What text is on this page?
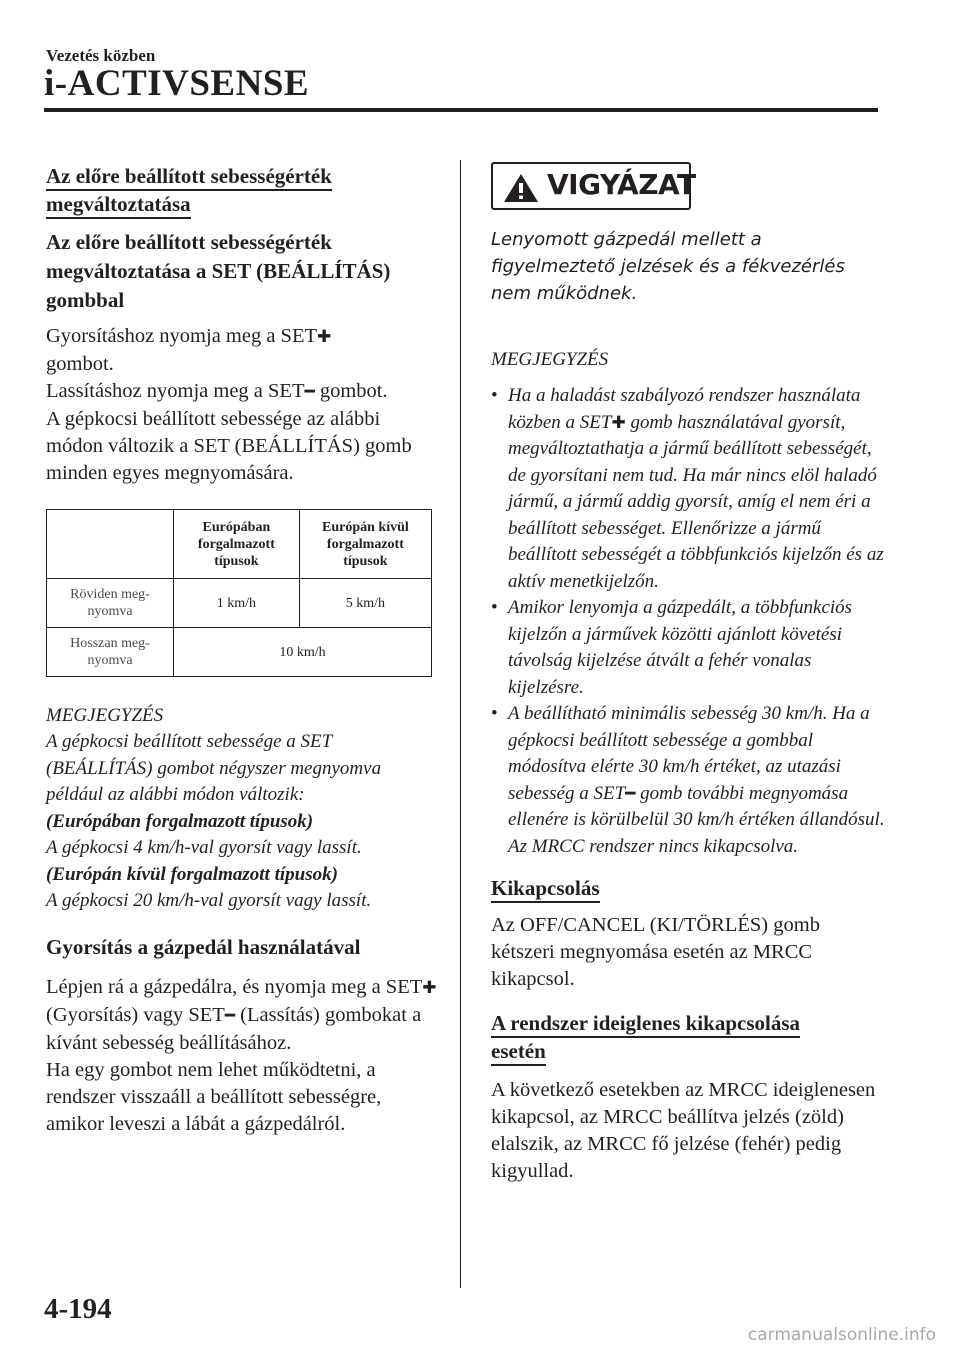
Vezetés közben
i-ACTIVSENSE
Az előre beállított sebességérték
megváltoztatása
Az előre beállított sebességérték megváltoztatása a SET (BEÁLLÍTÁS) gombbal
Gyorsításhoz nyomja meg a SET✚
gombot.
Lassításhoz nyomja meg a SET━ gombot.
A gépkocsi beállított sebessége az alábbi módon változik a SET (BEÁLLÍTÁS) gomb minden egyes megnyomására.
	Európában forgalmazott típusok	Európán kívül forgalmazott típusok
Röviden meg-nyomva	1 km/h	5 km/h
Hosszan meg-nyomva	10 km/h	
MEGJEGYZÉS
A gépkocsi beállított sebessége a SET (BEÁLLÍTÁS) gombot négyszer megnyomva például az alábbi módon változik:
(Európában forgalmazott típusok)
A gépkocsi 4 km/h-val gyorsít vagy lassít.
(Európán kívül forgalmazott típusok)
A gépkocsi 20 km/h-val gyorsít vagy lassít.
Gyorsítás a gázpedál használatával
Lépjen rá a gázpedálra, és nyomja meg a SET✚ (Gyorsítás) vagy SET━ (Lassítás) gombokat a kívánt sebesség beállításához.
Ha egy gombot nem lehet működtetni, a rendszer visszaáll a beállított sebességre, amikor leveszi a lábát a gázpedálról.
VIGYÁZAT
Lenyomott gázpedál mellett a figyelmeztető jelzések és a fékvezérlés nem működnek.
MEGJEGYZÉS
• Ha a haladást szabályozó rendszer használata közben a SET✚ gomb használatával gyorsít, megváltoztathatja a jármű beállított sebességét, de gyorsítani nem tud. Ha már nincs elöl haladó jármű, a jármű addig gyorsít, amíg el nem éri a beállított sebességet. Ellenőrizze a jármű beállított sebességét a többfunkciós kijelzőn és az aktív menetkijelzőn.
• Amikor lenyomja a gázpedált, a többfunkciós kijelzőn a járművek közötti ajánlott követési távolság kijelzése átvált a fehér vonalas kijelzésre.
• A beállítható minimális sebesség 30 km/h. Ha a gépkocsi beállított sebessége a gombbal módosítva elérte 30 km/h értéket, az utazási sebesség a SET━ gomb további megnyomása ellenére is körülbelül 30 km/h értéken állandósul. Az MRCC rendszer nincs kikapcsolva.
Kikapcsolás
Az OFF/CANCEL (KI/TÖRLÉS) gomb kétszeri megnyomása esetén az MRCC kikapcsol.
A rendszer ideiglenes kikapcsolása
esetén
A következő esetekben az MRCC ideiglenesen kikapcsol, az MRCC beállítva jelzés (zöld) elalszik, az MRCC fő jelzése (fehér) pedig kigyullad.
4-194
carmanualsonline.info
